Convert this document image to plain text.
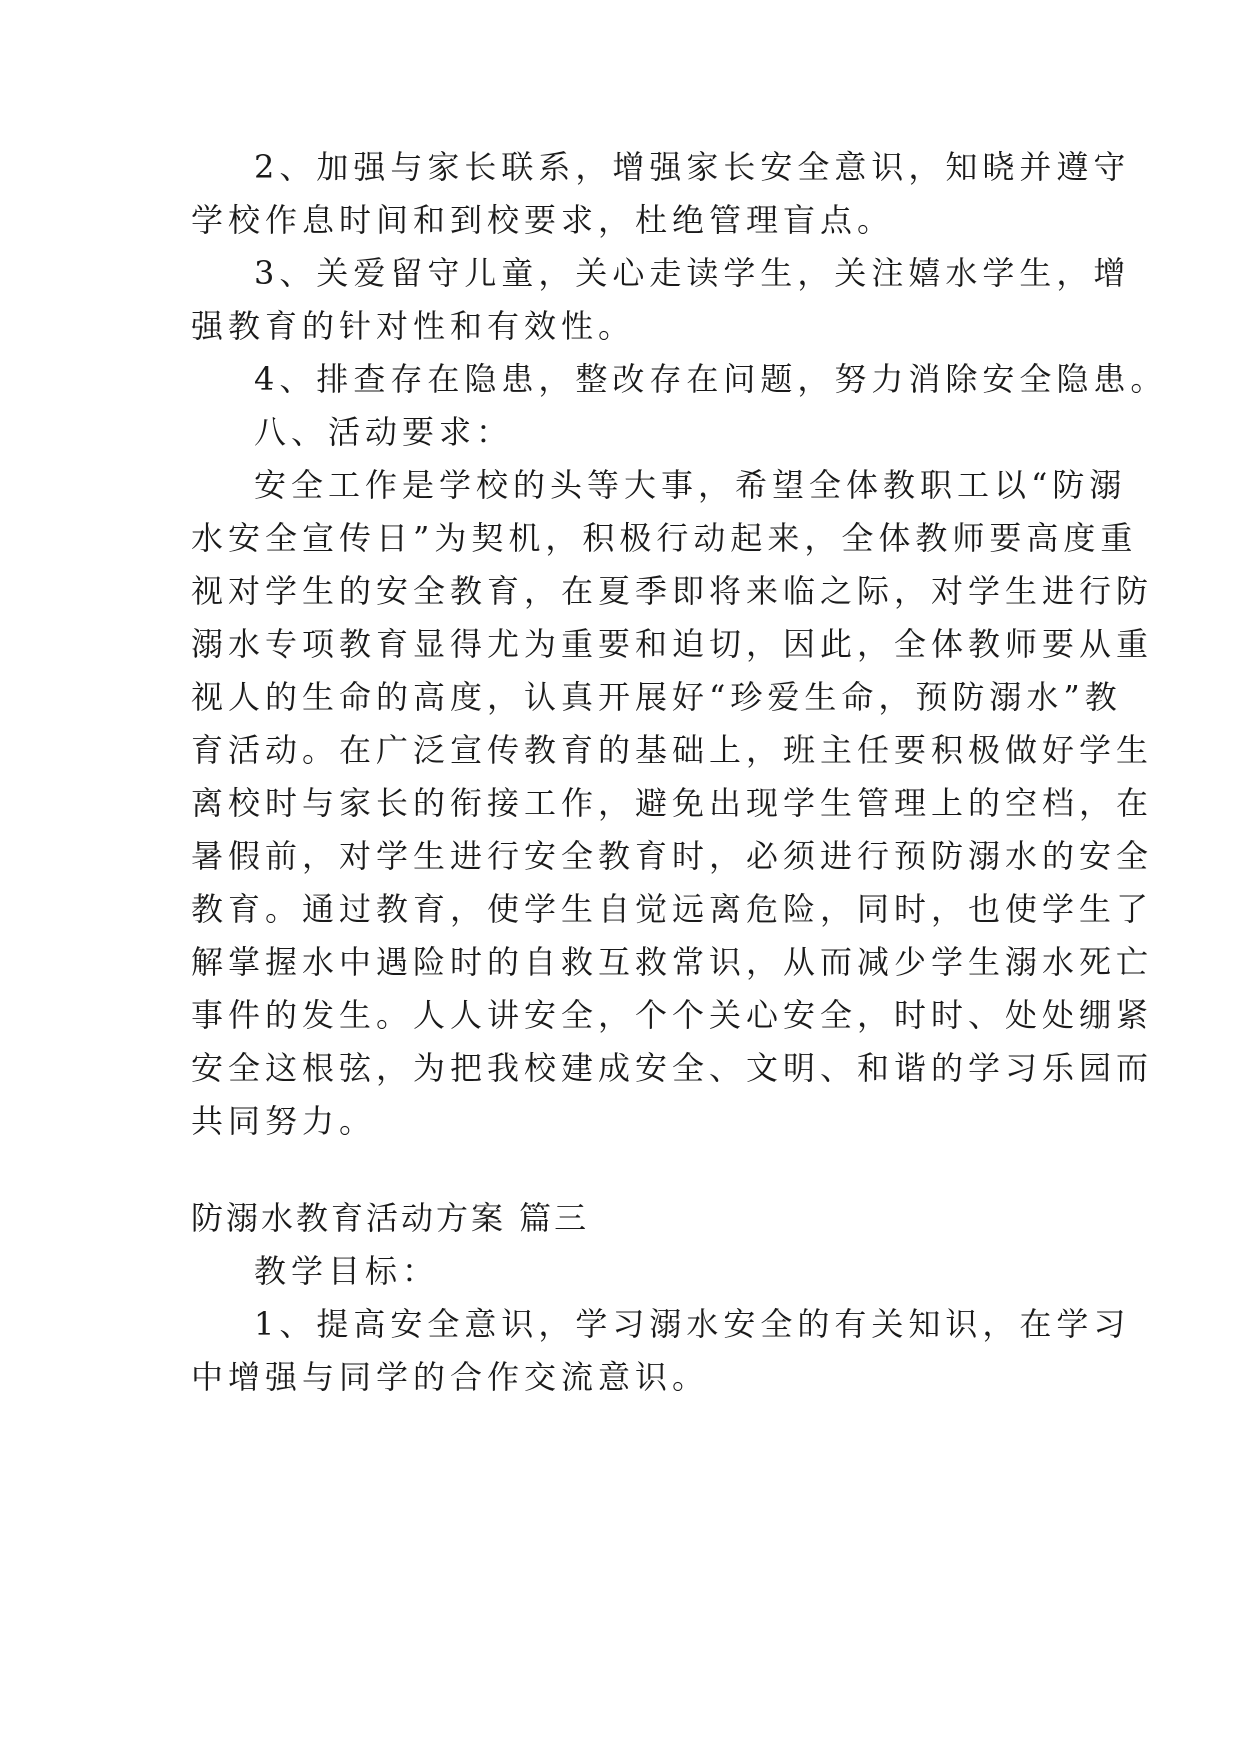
2、加强与家长联系，增强家长安全意识，知晓并遵守
学校作息时间和到校要求，杜绝管理盲点。
3、关爱留守儿童，关心走读学生，关注嬉水学生，增
强教育的针对性和有效性。
4、排查存在隐患，整改存在问题，努力消除安全隐患。
八、活动要求：
安全工作是学校的头等大事，希望全体教职工以“防溺
水安全宣传日”为契机，积极行动起来，全体教师要高度重
视对学生的安全教育，在夏季即将来临之际，对学生进行防
溺水专项教育显得尤为重要和迫切，因此，全体教师要从重
视人的生命的高度，认真开展好“珍爱生命，预防溺水”教
育活动。在广泛宣传教育的基础上，班主任要积极做好学生
离校时与家长的衔接工作，避免出现学生管理上的空档，在
暑假前，对学生进行安全教育时，必须进行预防溺水的安全
教育。通过教育，使学生自觉远离危险，同时，也使学生了
解掌握水中遇险时的自救互救常识，从而减少学生溺水死亡
事件的发生。人人讲安全，个个关心安全，时时、处处绷紧
安全这根弦，为把我校建成安全、文明、和谐的学习乐园而
共同努力。
防溺水教育活动方案 篇三
教学目标：
1、提高安全意识，学习溺水安全的有关知识，在学习
中增强与同学的合作交流意识。
